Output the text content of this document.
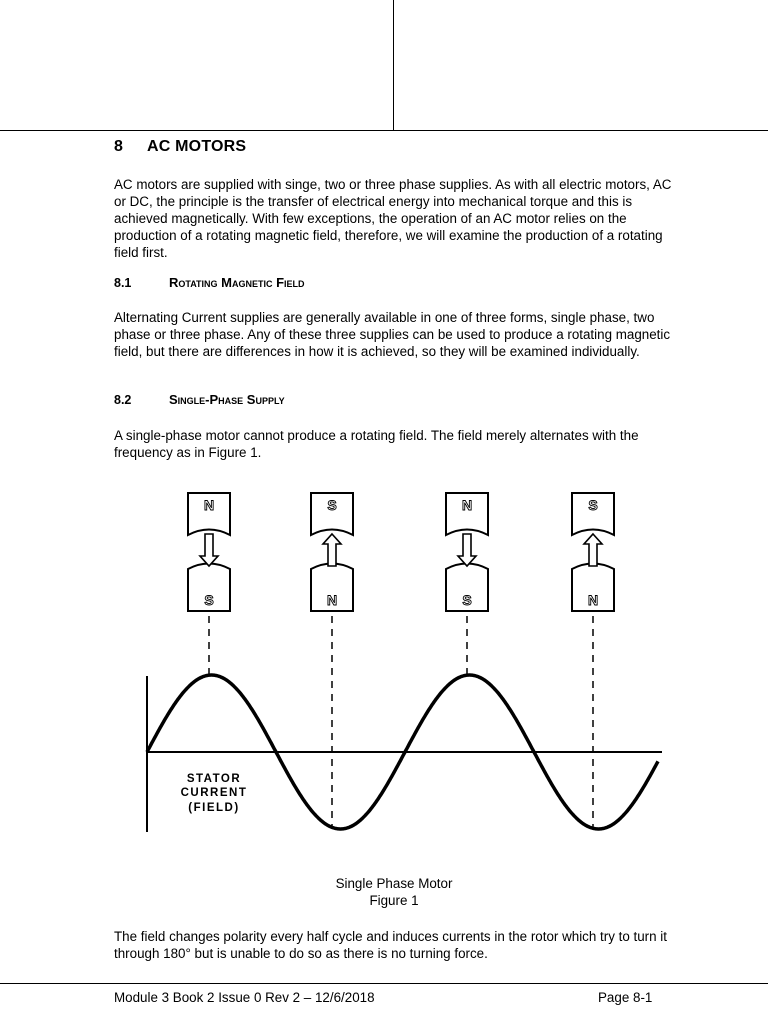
8 AC MOTORS

AC motors are supplied with singe, two or three phase supplies. As with all electric motors, AC or DC, the principle is the transfer of electrical energy into mechanical torque and this is achieved magnetically. With few exceptions, the operation of an AC motor relies on the production of a rotating magnetic field, therefore, we will examine the production of a rotating field first.

8.1	Rotating Magnetic Field

Alternating Current supplies are generally available in one of three forms, single phase, two phase or three phase. Any of these three supplies can be used to produce a rotating magnetic field, but there are differences in how it is achieved, so they will be examined individually.

8.2	Single-Phase Supply

A single-phase motor cannot produce a rotating field. The field merely alternates with the frequency as in Figure 1.

N
S
S
N
N
S
S
N
STATOR
CURRENT
(FIELD)

Single Phase Motor

Figure 1

The field changes polarity every half cycle and induces currents in the rotor which try to turn it through 180° but is unable to do so as there is no turning force.

Module 3 Book 2 Issue 0 Rev 2 – 12/6/2018	Page 8-1
